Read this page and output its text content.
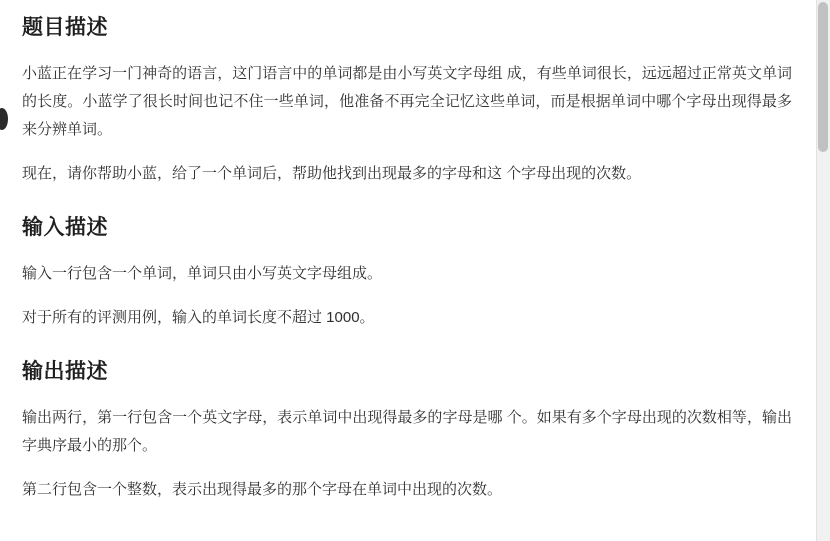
题目描述

小蓝正在学习一门神奇的语言，这门语言中的单词都是由小写英文字母组 成，有些单词很长，远远超过正常英文单词的长度。小蓝学了很长时间也记不住一些单词，他准备不再完全记忆这些单词，而是根据单词中哪个字母出现得最多来分辨单词。

现在，请你帮助小蓝，给了一个单词后，帮助他找到出现最多的字母和这 个字母出现的次数。

输入描述

输入一行包含一个单词，单词只由小写英文字母组成。

对于所有的评测用例，输入的单词长度不超过 1000。

输出描述

输出两行，第一行包含一个英文字母，表示单词中出现得最多的字母是哪 个。如果有多个字母出现的次数相等，输出字典序最小的那个。

第二行包含一个整数，表示出现得最多的那个字母在单词中出现的次数。
